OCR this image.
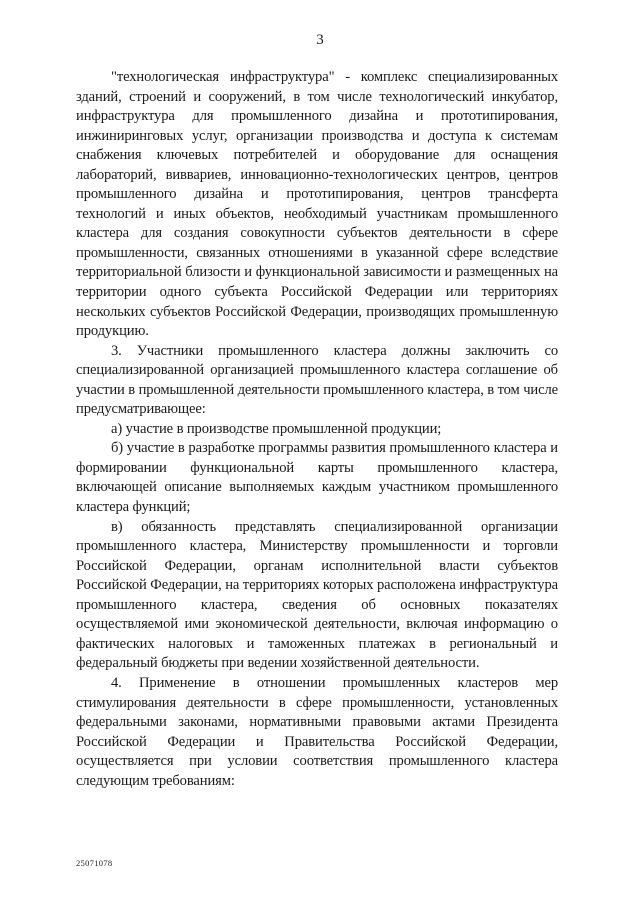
3

"технологическая инфраструктура" - комплекс специализированных зданий, строений и сооружений, в том числе технологический инкубатор, инфраструктура для промышленного дизайна и прототипирования, инжиниринговых услуг, организации производства и доступа к системам снабжения ключевых потребителей и оборудование для оснащения лабораторий, виввариев, инновационно-технологических центров, центров промышленного дизайна и прототипирования, центров трансферта технологий и иных объектов, необходимый участникам промышленного кластера для создания совокупности субъектов деятельности в сфере промышленности, связанных отношениями в указанной сфере вследствие территориальной близости и функциональной зависимости и размещенных на территории одного субъекта Российской Федерации или территориях нескольких субъектов Российской Федерации, производящих промышленную продукцию.

3. Участники промышленного кластера должны заключить со специализированной организацией промышленного кластера соглашение об участии в промышленной деятельности промышленного кластера, в том числе предусматривающее:

а) участие в производстве промышленной продукции;

б) участие в разработке программы развития промышленного кластера и формировании функциональной карты промышленного кластера, включающей описание выполняемых каждым участником промышленного кластера функций;

в) обязанность представлять специализированной организации промышленного кластера, Министерству промышленности и торговли Российской Федерации, органам исполнительной власти субъектов Российской Федерации, на территориях которых расположена инфраструктура промышленного кластера, сведения об основных показателях осуществляемой ими экономической деятельности, включая информацию о фактических налоговых и таможенных платежах в региональный и федеральный бюджеты при ведении хозяйственной деятельности.

4. Применение в отношении промышленных кластеров мер стимулирования деятельности в сфере промышленности, установленных федеральными законами, нормативными правовыми актами Президента Российской Федерации и Правительства Российской Федерации, осуществляется при условии соответствия промышленного кластера следующим требованиям:

25071078
